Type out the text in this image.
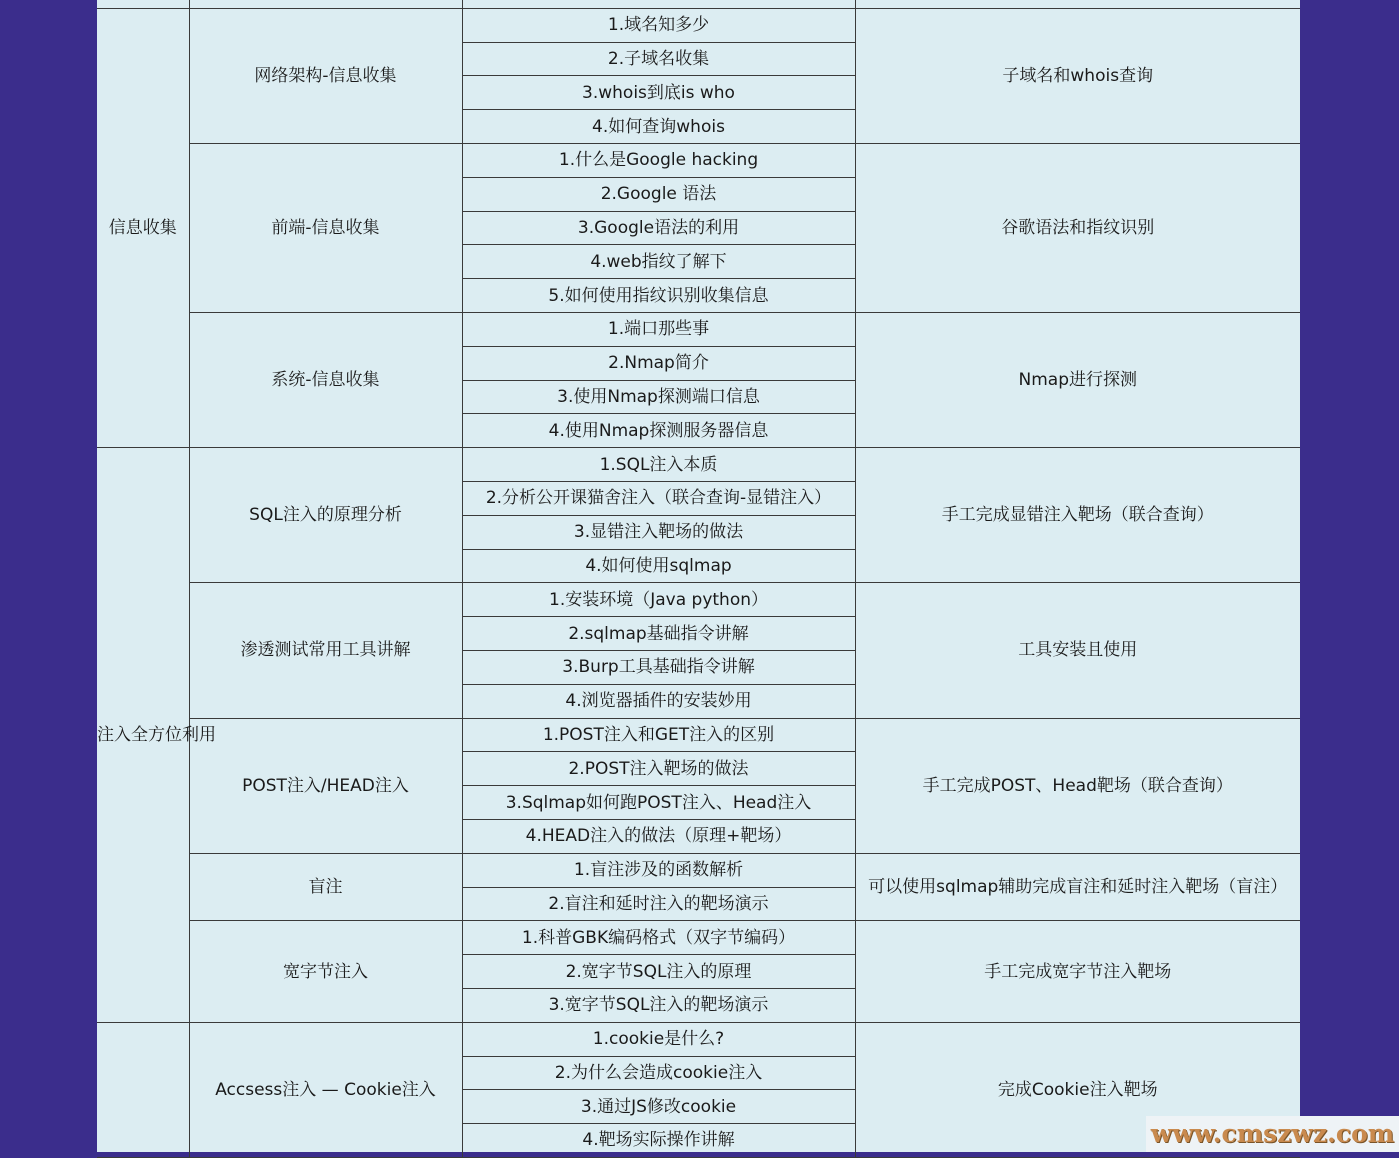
信息收集	网络架构-信息收集	1.域名知多少	子域名和whois查询
		2.子域名收集	
		3.whois到底is who	
		4.如何查询whois	
	前端-信息收集	1.什么是Google hacking	谷歌语法和指纹识别
		2.Google 语法	
		3.Google语法的利用	
		4.web指纹了解下	
		5.如何使用指纹识别收集信息	
	系统-信息收集	1.端口那些事	Nmap进行探测
		2.Nmap简介	
		3.使用Nmap探测端口信息	
		4.使用Nmap探测服务器信息	
注入全方位利用	SQL注入的原理分析	1.SQL注入本质	手工完成显错注入靶场（联合查询）
		2.分析公开课猫舍注入（联合查询-显错注入）	
		3.显错注入靶场的做法	
		4.如何使用sqlmap	
	渗透测试常用工具讲解	1.安装环境（Java python）	工具安装且使用
		2.sqlmap基础指令讲解	
		3.Burp工具基础指令讲解	
		4.浏览器插件的安装妙用	
	POST注入/HEAD注入	1.POST注入和GET注入的区别	手工完成POST、Head靶场（联合查询）
		2.POST注入靶场的做法	
		3.Sqlmap如何跑POST注入、Head注入	
		4.HEAD注入的做法（原理+靶场）	
	盲注	1.盲注涉及的函数解析	可以使用sqlmap辅助完成盲注和延时注入靶场（盲注）
		2.盲注和延时注入的靶场演示	
	宽字节注入	1.科普GBK编码格式（双字节编码）	手工完成宽字节注入靶场
		2.宽字节SQL注入的原理	
		3.宽字节SQL注入的靶场演示	
	Accsess注入 — Cookie注入	1.cookie是什么?	完成Cookie注入靶场
		2.为什么会造成cookie注入	
		3.通过JS修改cookie	
		4.靶场实际操作讲解		www.cmszwz.com
